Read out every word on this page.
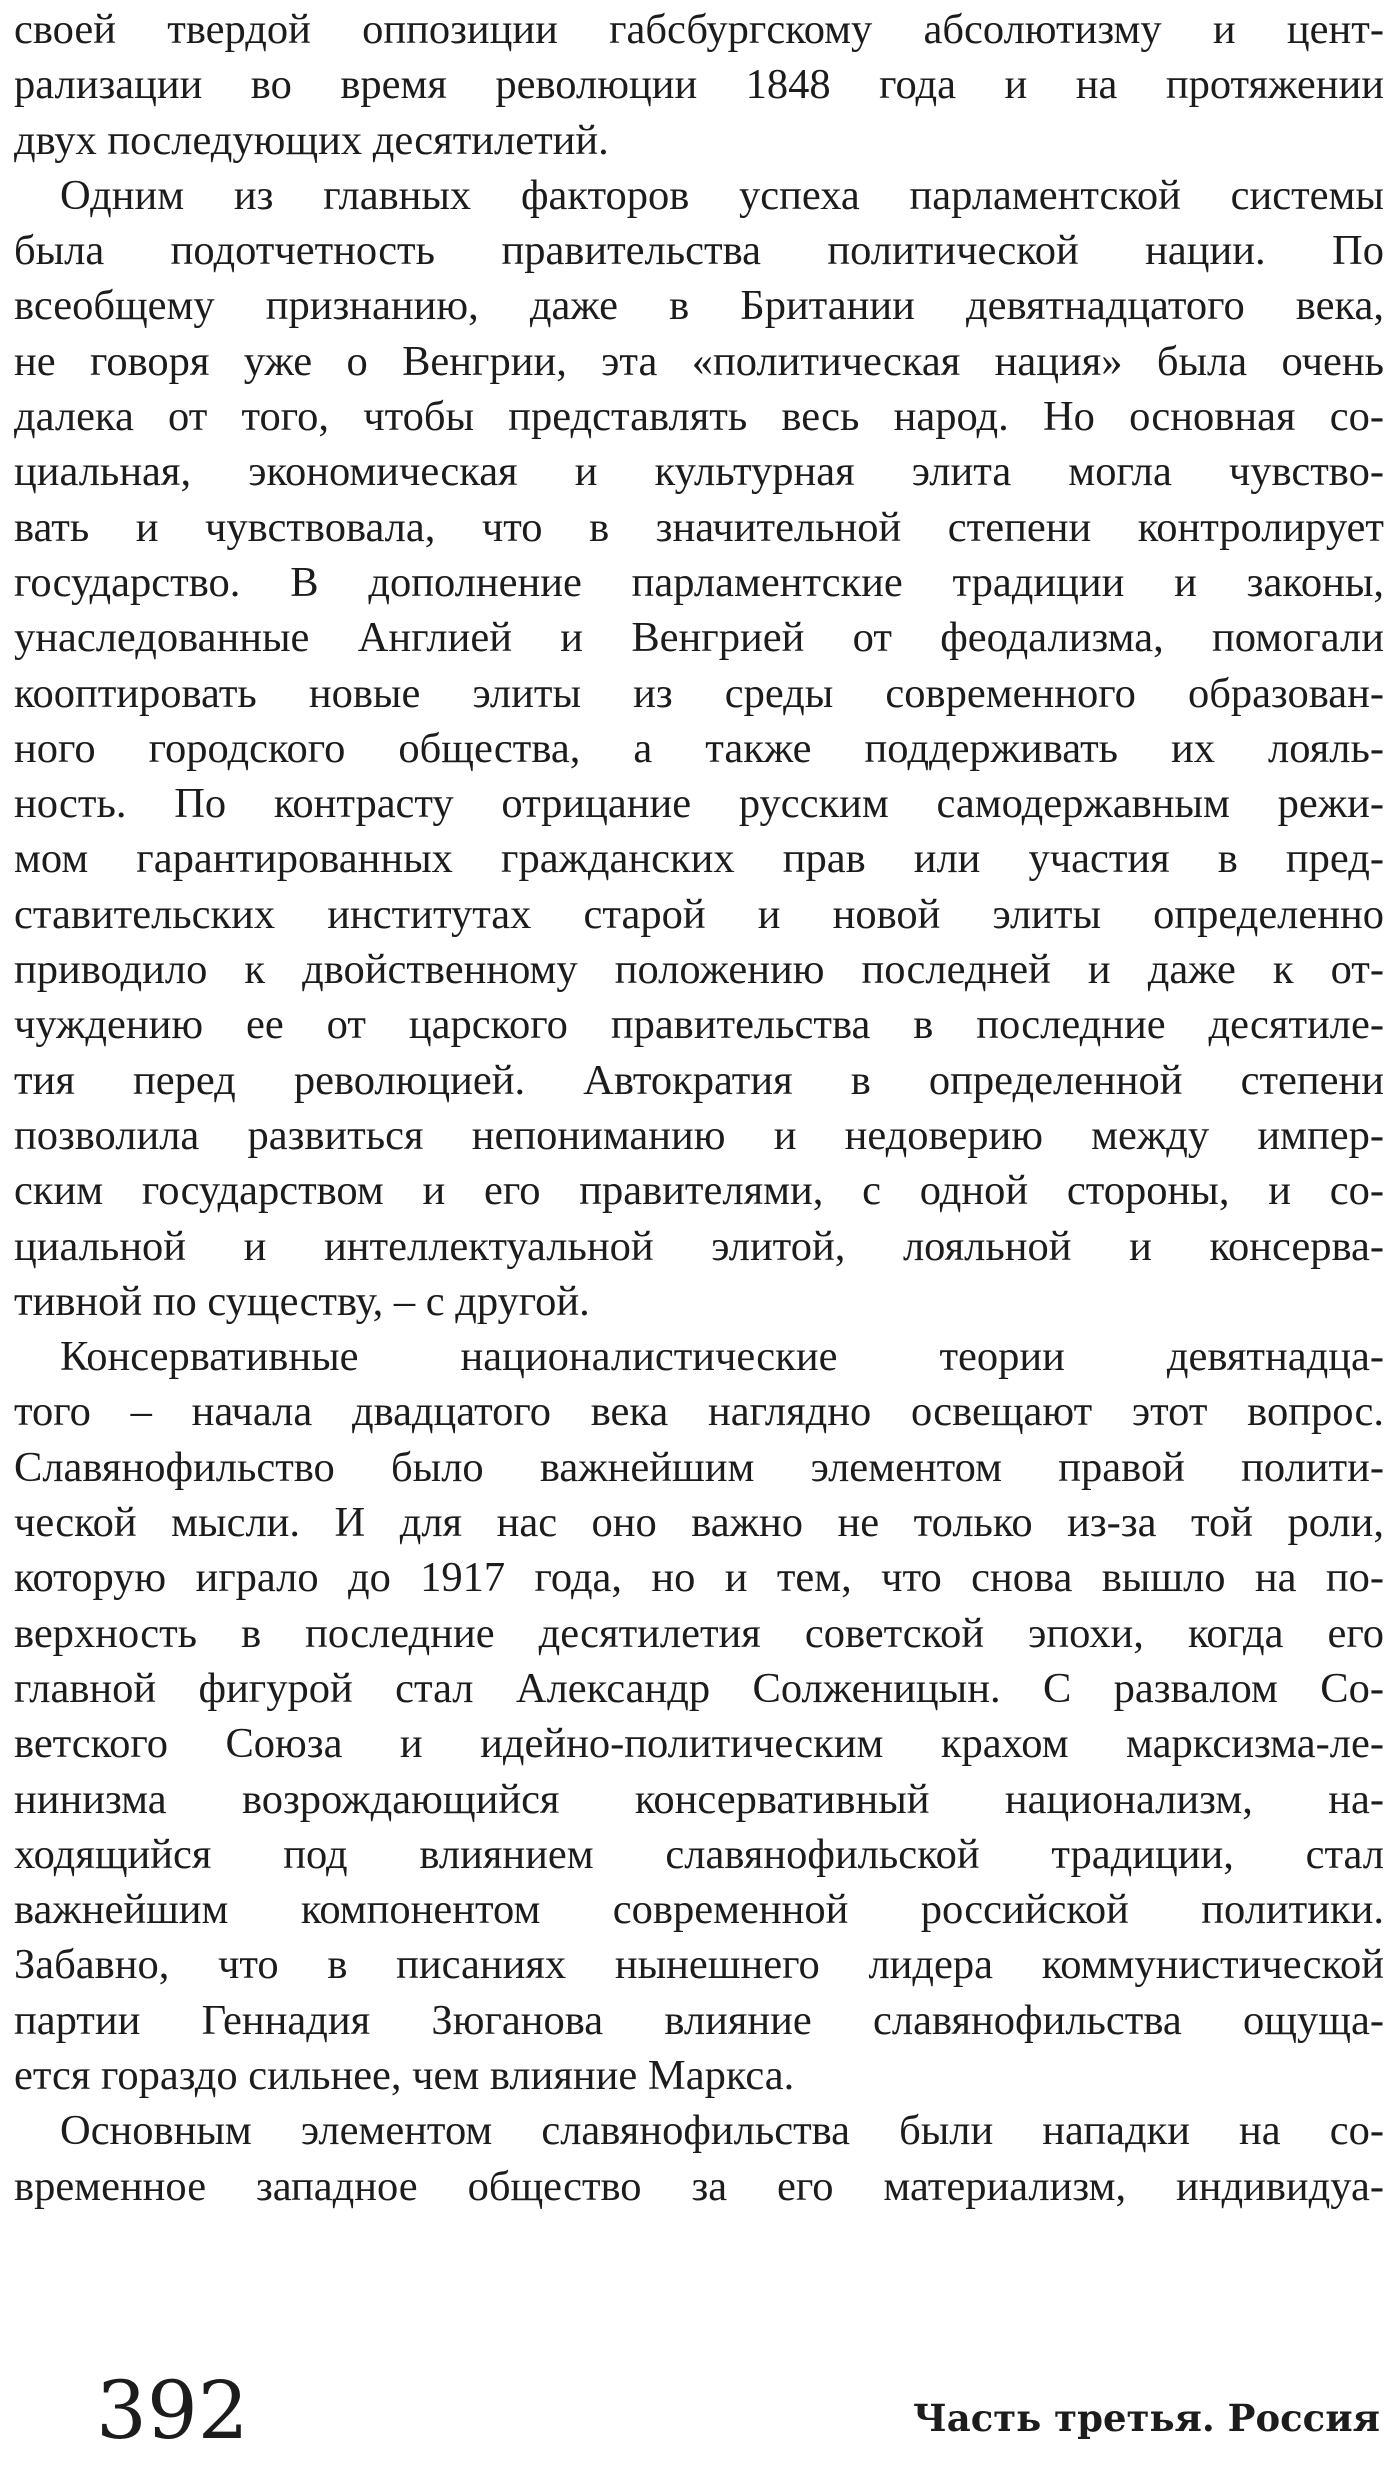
своей твердой оппозиции габсбургскому абсолютизму и цент-
рализации во время революции 1848 года и на протяжении
двух последующих десятилетий.
Одним из главных факторов успеха парламентской системы
была подотчетность правительства политической нации. По
всеобщему признанию, даже в Британии девятнадцатого века,
не говоря уже о Венгрии, эта «политическая нация» была очень
далека от того, чтобы представлять весь народ. Но основная со-
циальная, экономическая и культурная элита могла чувство-
вать и чувствовала, что в значительной степени контролирует
государство. В дополнение парламентские традиции и законы,
унаследованные Англией и Венгрией от феодализма, помогали
кооптировать новые элиты из среды современного образован-
ного городского общества, а также поддерживать их лояль-
ность. По контрасту отрицание русским самодержавным режи-
мом гарантированных гражданских прав или участия в пред-
ставительских институтах старой и новой элиты определенно
приводило к двойственному положению последней и даже к от-
чуждению ее от царского правительства в последние десятиле-
тия перед революцией. Автократия в определенной степени
позволила развиться непониманию и недоверию между импер-
ским государством и его правителями, с одной стороны, и со-
циальной и интеллектуальной элитой, лояльной и консерва-
тивной по существу, – с другой.
Консервативные националистические теории девятнадца-
того – начала двадцатого века наглядно освещают этот вопрос.
Славянофильство было важнейшим элементом правой полити-
ческой мысли. И для нас оно важно не только из-за той роли,
которую играло до 1917 года, но и тем, что снова вышло на по-
верхность в последние десятилетия советской эпохи, когда его
главной фигурой стал Александр Солженицын. С развалом Со-
ветского Союза и идейно-политическим крахом марксизма-ле-
нинизма возрождающийся консервативный национализм, на-
ходящийся под влиянием славянофильской традиции, стал
важнейшим компонентом современной российской политики.
Забавно, что в писаниях нынешнего лидера коммунистической
партии Геннадия Зюганова влияние славянофильства ощуща-
ется гораздо сильнее, чем влияние Маркса.
Основным элементом славянофильства были нападки на со-
временное западное общество за его материализм, индивидуа-
392	Часть третья. Россия
